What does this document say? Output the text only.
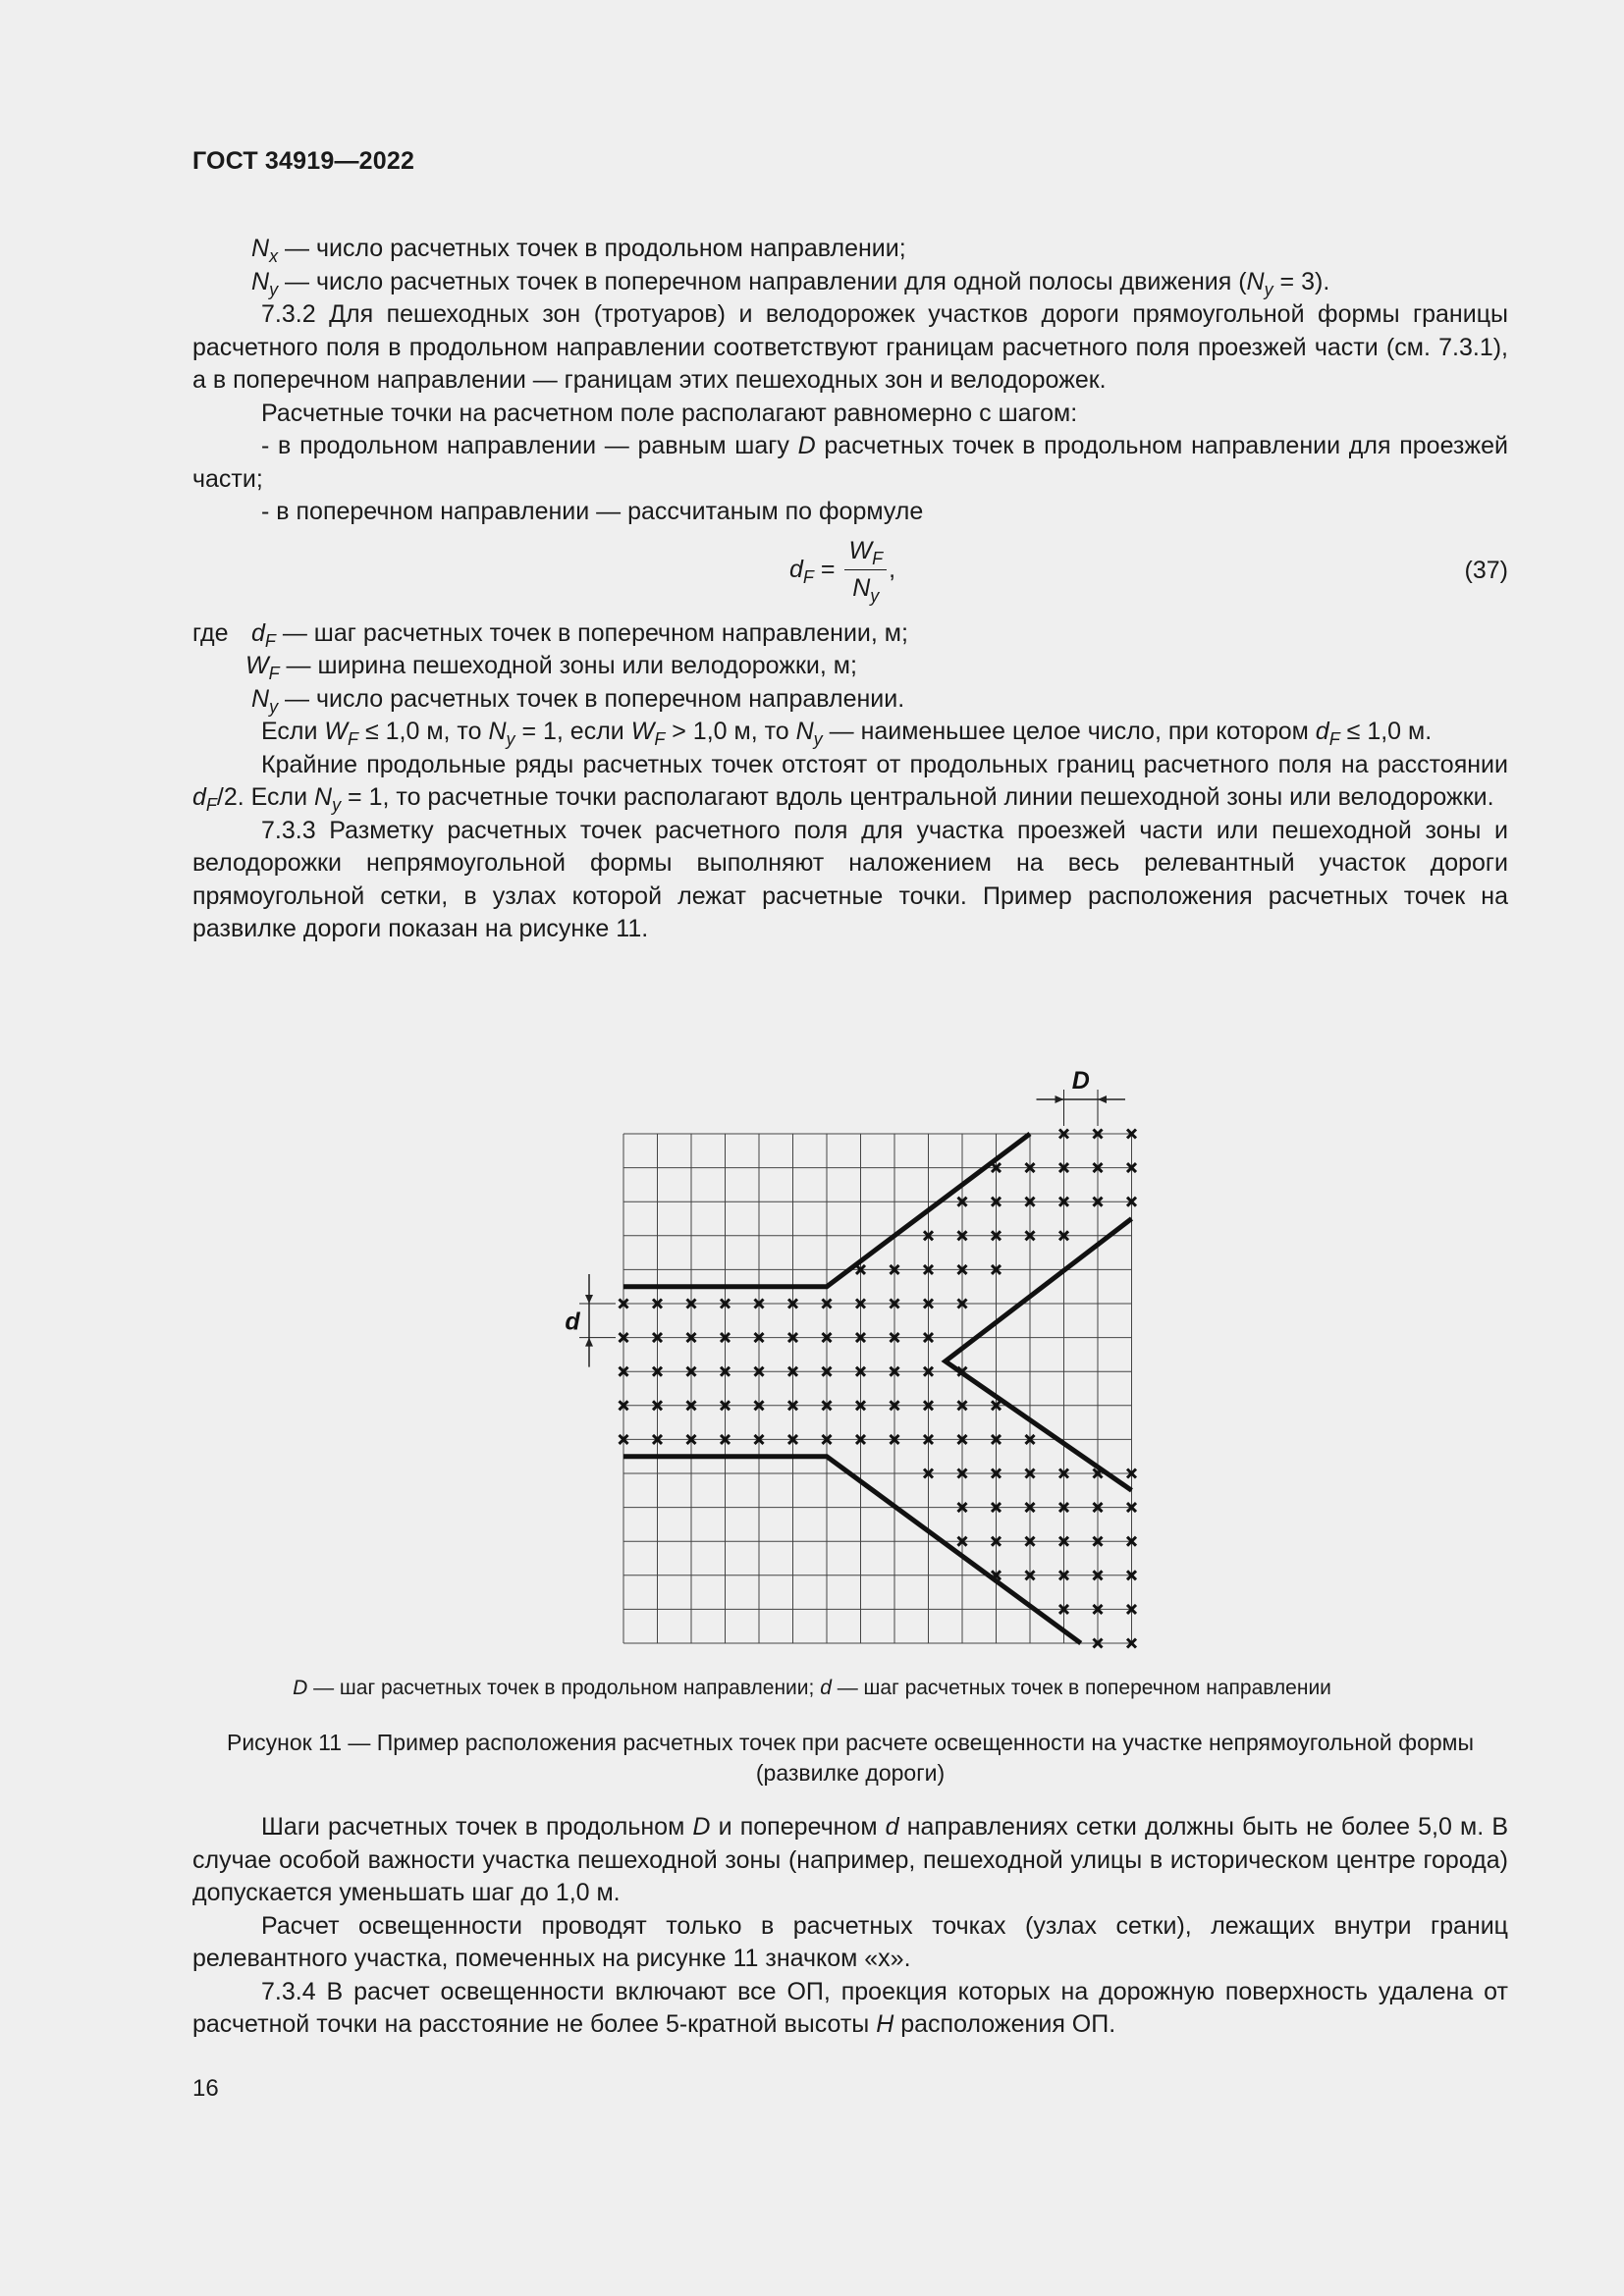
ГОСТ 34919—2022

$N_x$ — число расчетных точек в продольном направлении;

$N_y$ — число расчетных точек в поперечном направлении для одной полосы движения $(N_y = 3)$.

7.3.2 Для пешеходных зон (тротуаров) и велодорожек участков дороги прямоугольной формы границы расчетного поля в продольном направлении соответствуют границам расчетного поля проезжей части (см. 7.3.1), а в поперечном направлении — границам этих пешеходных зон и велодорожек.

Расчетные точки на расчетном поле располагают равномерно с шагом:

- в продольном направлении — равным шагу D расчетных точек в продольном направлении для проезжей части;

- в поперечном направлении — рассчитаным по формуле

$d_F = \frac{W_F}{N_y}$ ,	(37)

где $d_F$ — шаг расчетных точек в поперечном направлении, м;

$W_F$ — ширина пешеходной зоны или велодорожки, м;

$N_y$ — число расчетных точек в поперечном направлении.

Если $W_F \le 1,0$ м, то $N_y = 1$, если $W_F > 1,0$ м, то $N_y$ — наименьшее целое число, при котором $d_F \le 1,0$ м.

Крайние продольные ряды расчетных точек отстоят от продольных границ расчетного поля на расстоянии $d_F/2$. Если $N_y = 1$, то расчетные точки располагают вдоль центральной линии пешеходной зоны или велодорожки.

7.3.3 Разметку расчетных точек расчетного поля для участка проезжей части или пешеходной зоны и велодорожки непрямоугольной формы выполняют наложением на весь релевантный участок дороги прямоугольной сетки, в узлах которой лежат расчетные точки. Пример расположения расчетных точек на развилке дороги показан на рисунке 11.

D
d
D — шаг расчетных точек в продольном направлении; d — шаг расчетных точек в поперечном направлении
Рисунок 11 — Пример расположения расчетных точек при расчете освещенности на участке непрямоугольной формы (развилке дороги)

Шаги расчетных точек в продольном D и поперечном d направлениях сетки должны быть не более 5,0 м. В случае особой важности участка пешеходной зоны (например, пешеходной улицы в историческом центре города) допускается уменьшать шаг до 1,0 м.

Расчет освещенности проводят только в расчетных точках (узлах сетки), лежащих внутри границ релевантного участка, помеченных на рисунке 11 значком «х».

7.3.4 В расчет освещенности включают все ОП, проекция которых на дорожную поверхность удалена от расчетной точки на расстояние не более 5-кратной высоты H расположения ОП.

16
